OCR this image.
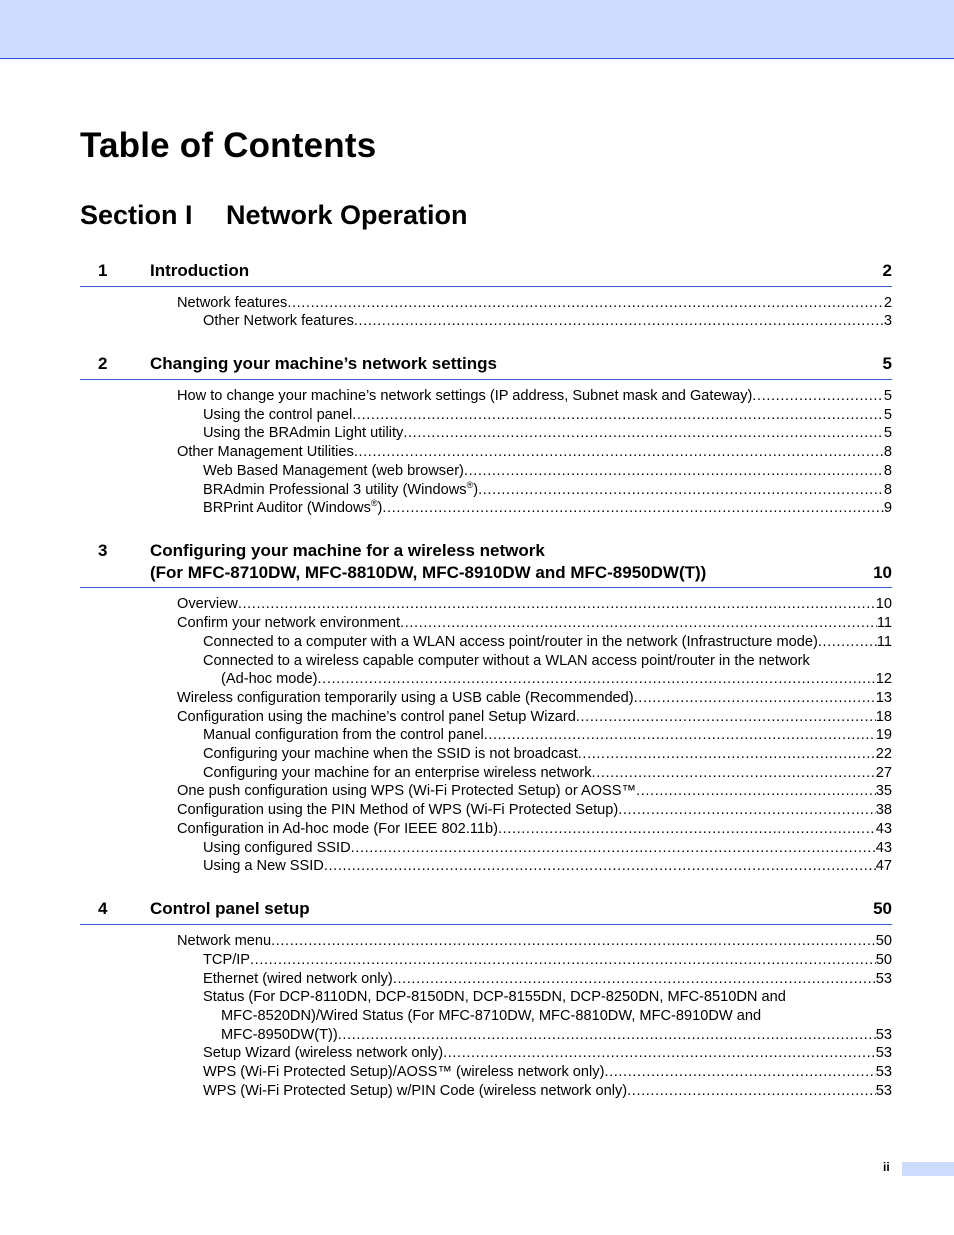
Table of Contents
Section I Network Operation
1	Introduction	2
Network features .....	2
Other Network features .....	3
2	Changing your machine’s network settings	5
How to change your machine’s network settings (IP address, Subnet mask and Gateway) .....	5
Using the control panel .....	5
Using the BRAdmin Light utility .....	5
Other Management Utilities .....	8
Web Based Management (web browser) .....	8
BRAdmin Professional 3 utility (Windows®) .....	8
BRPrint Auditor (Windows®) .....	9
3	Configuring your machine for a wireless network
(For MFC-8710DW, MFC-8810DW, MFC-8910DW and MFC-8950DW(T))	10
Overview .....	10
Confirm your network environment .....	11
Connected to a computer with a WLAN access point/router in the network (Infrastructure mode) .....	11
Connected to a wireless capable computer without a WLAN access point/router in the network
(Ad-hoc mode) .....	12
Wireless configuration temporarily using a USB cable (Recommended) .....	13
Configuration using the machine’s control panel Setup Wizard .....	18
Manual configuration from the control panel .....	19
Configuring your machine when the SSID is not broadcast .....	22
Configuring your machine for an enterprise wireless network .....	27
One push configuration using WPS (Wi-Fi Protected Setup) or AOSS™ .....	35
Configuration using the PIN Method of WPS (Wi-Fi Protected Setup) .....	38
Configuration in Ad-hoc mode (For IEEE 802.11b) .....	43
Using configured SSID .....	43
Using a New SSID .....	47
4	Control panel setup	50
Network menu .....	50
TCP/IP .....	50
Ethernet (wired network only) .....	53
Status (For DCP-8110DN, DCP-8150DN, DCP-8155DN, DCP-8250DN, MFC-8510DN and
MFC-8520DN)/Wired Status (For MFC-8710DW, MFC-8810DW, MFC-8910DW and
MFC-8950DW(T)) .....	53
Setup Wizard (wireless network only) .....	53
WPS (Wi-Fi Protected Setup)/AOSS™ (wireless network only) .....	53
WPS (Wi-Fi Protected Setup) w/PIN Code (wireless network only) .....	53
ii
